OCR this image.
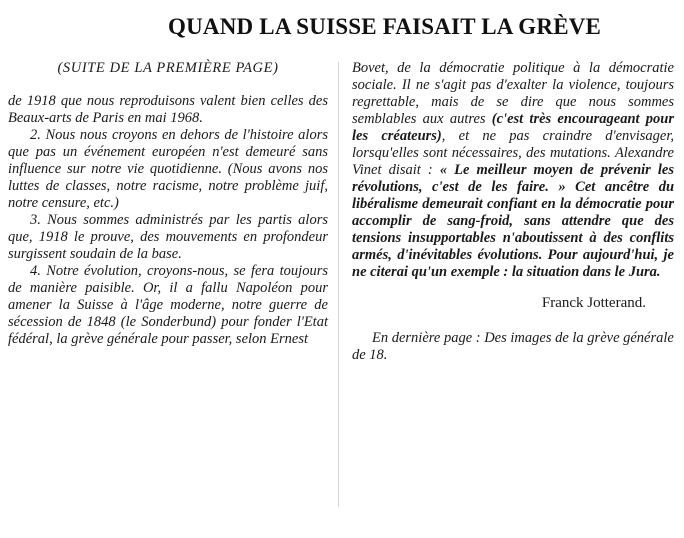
QUAND LA SUISSE FAISAIT LA GRÈVE

(SUITE DE LA PREMIÈRE PAGE)

de 1918 que nous reproduisons valent bien celles des Beaux-arts de Paris en mai 1968.

2. Nous nous croyons en dehors de l'histoire alors que pas un événement européen n'est demeuré sans influence sur notre vie quotidienne. (Nous avons nos luttes de classes, notre racisme, notre problème juif, notre censure, etc.)

3. Nous sommes administrés par les partis alors que, 1918 le prouve, des mouvements en profondeur surgissent soudain de la base.

4. Notre évolution, croyons-nous, se fera toujours de manière paisible. Or, il a fallu Napoléon pour amener la Suisse à l'âge moderne, notre guerre de sécession de 1848 (le Sonderbund) pour fonder l'Etat fédéral, la grève générale pour passer, selon Ernest

Bovet, de la démocratie politique à la démocratie sociale. Il ne s'agit pas d'exalter la violence, toujours regrettable, mais de se dire que nous sommes semblables aux autres (c'est très encourageant pour les créateurs), et ne pas craindre d'envisager, lorsqu'elles sont nécessaires, des mutations. Alexandre Vinet disait : « Le meilleur moyen de prévenir les révolutions, c'est de les faire. » Cet ancêtre du libéralisme demeurait confiant en la démocratie pour accomplir de sang-froid, sans attendre que des tensions insupportables n'aboutissent à des conflits armés, d'inévitables évolutions. Pour aujourd'hui, je ne citerai qu'un exemple : la situation dans le Jura.

Franck Jotterand.

En dernière page : Des images de la grève générale de 18.
